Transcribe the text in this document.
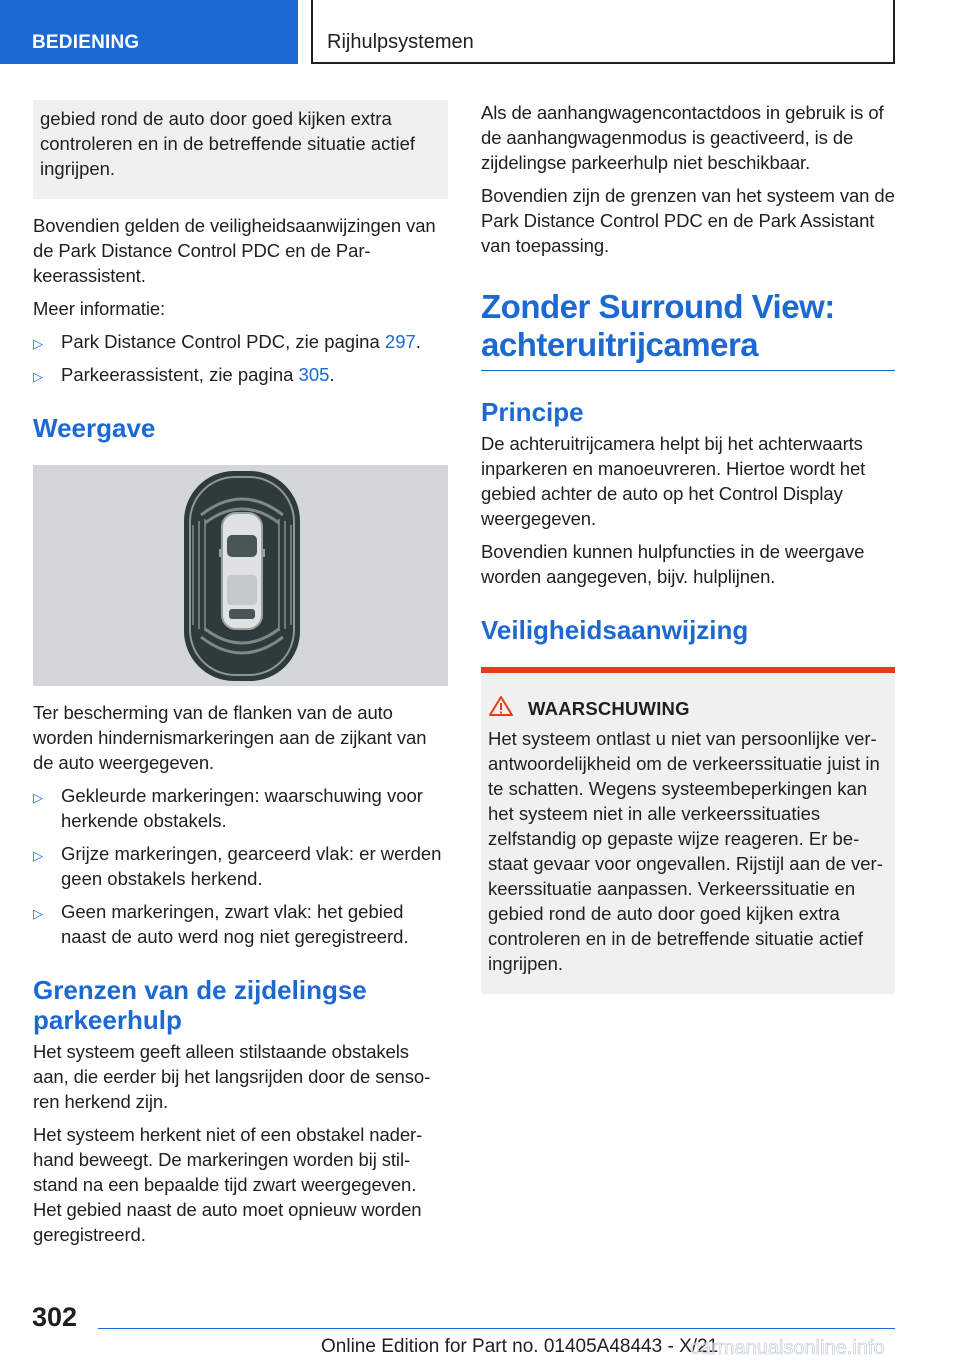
BEDIENING	Rijhulpsystemen

gebied rond de auto door goed kijken extra controleren en in de betreffende situatie actief ingrijpen.

Bovendien gelden de veiligheidsaanwijzingen van de Park Distance Control PDC en de Parkeerassistent.

Meer informatie:

▷ Park Distance Control PDC, zie pagina 297.
▷ Parkeerassistent, zie pagina 305.
Weergave

Ter bescherming van de flanken van de auto worden hindernismarkeringen aan de zijkant van de auto weergegeven.

▷ Gekleurde markeringen: waarschuwing voor herkende obstakels.
▷ Grijze markeringen, gearceerd vlak: er werden geen obstakels herkend.
▷ Geen markeringen, zwart vlak: het gebied naast de auto werd nog niet geregistreerd.
Grenzen van de zijdelingse parkeerhulp

Het systeem geeft alleen stilstaande obstakels aan, die eerder bij het langsrijden door de sensoren herkend zijn.

Het systeem herkent niet of een obstakel naderhand beweegt. De markeringen worden bij stilstand na een bepaalde tijd zwart weergegeven. Het gebied naast de auto moet opnieuw worden geregistreerd.

Als de aanhangwagencontactdoos in gebruik is of de aanhangwagenmodus is geactiveerd, is de zijdelingse parkeerhulp niet beschikbaar.

Bovendien zijn de grenzen van het systeem van de Park Distance Control PDC en de Park Assistant van toepassing.

Zonder Surround View: achteruitrijcamera
Principe

De achteruitrijcamera helpt bij het achterwaarts inparkeren en manoeuvreren. Hiertoe wordt het gebied achter de auto op het Control Display weergegeven.

Bovendien kunnen hulpfuncties in de weergave worden aangegeven, bijv. hulplijnen.

Veiligheidsaanwijzing
WAARSCHUWING

Het systeem ontlast u niet van persoonlijke verantwoordelijkheid om de verkeerssituatie juist in te schatten. Wegens systeembeperkingen kan het systeem niet in alle verkeerssituaties zelfstandig op gepaste wijze reageren. Er bestaat gevaar voor ongevallen. Rijstijl aan de verkeerssituatie aanpassen. Verkeerssituatie en gebied rond de auto door goed kijken extra controleren en in de betreffende situatie actief ingrijpen.

302
Online Edition for Part no. 01405A48443 - X/21
carmanualsonline.info
